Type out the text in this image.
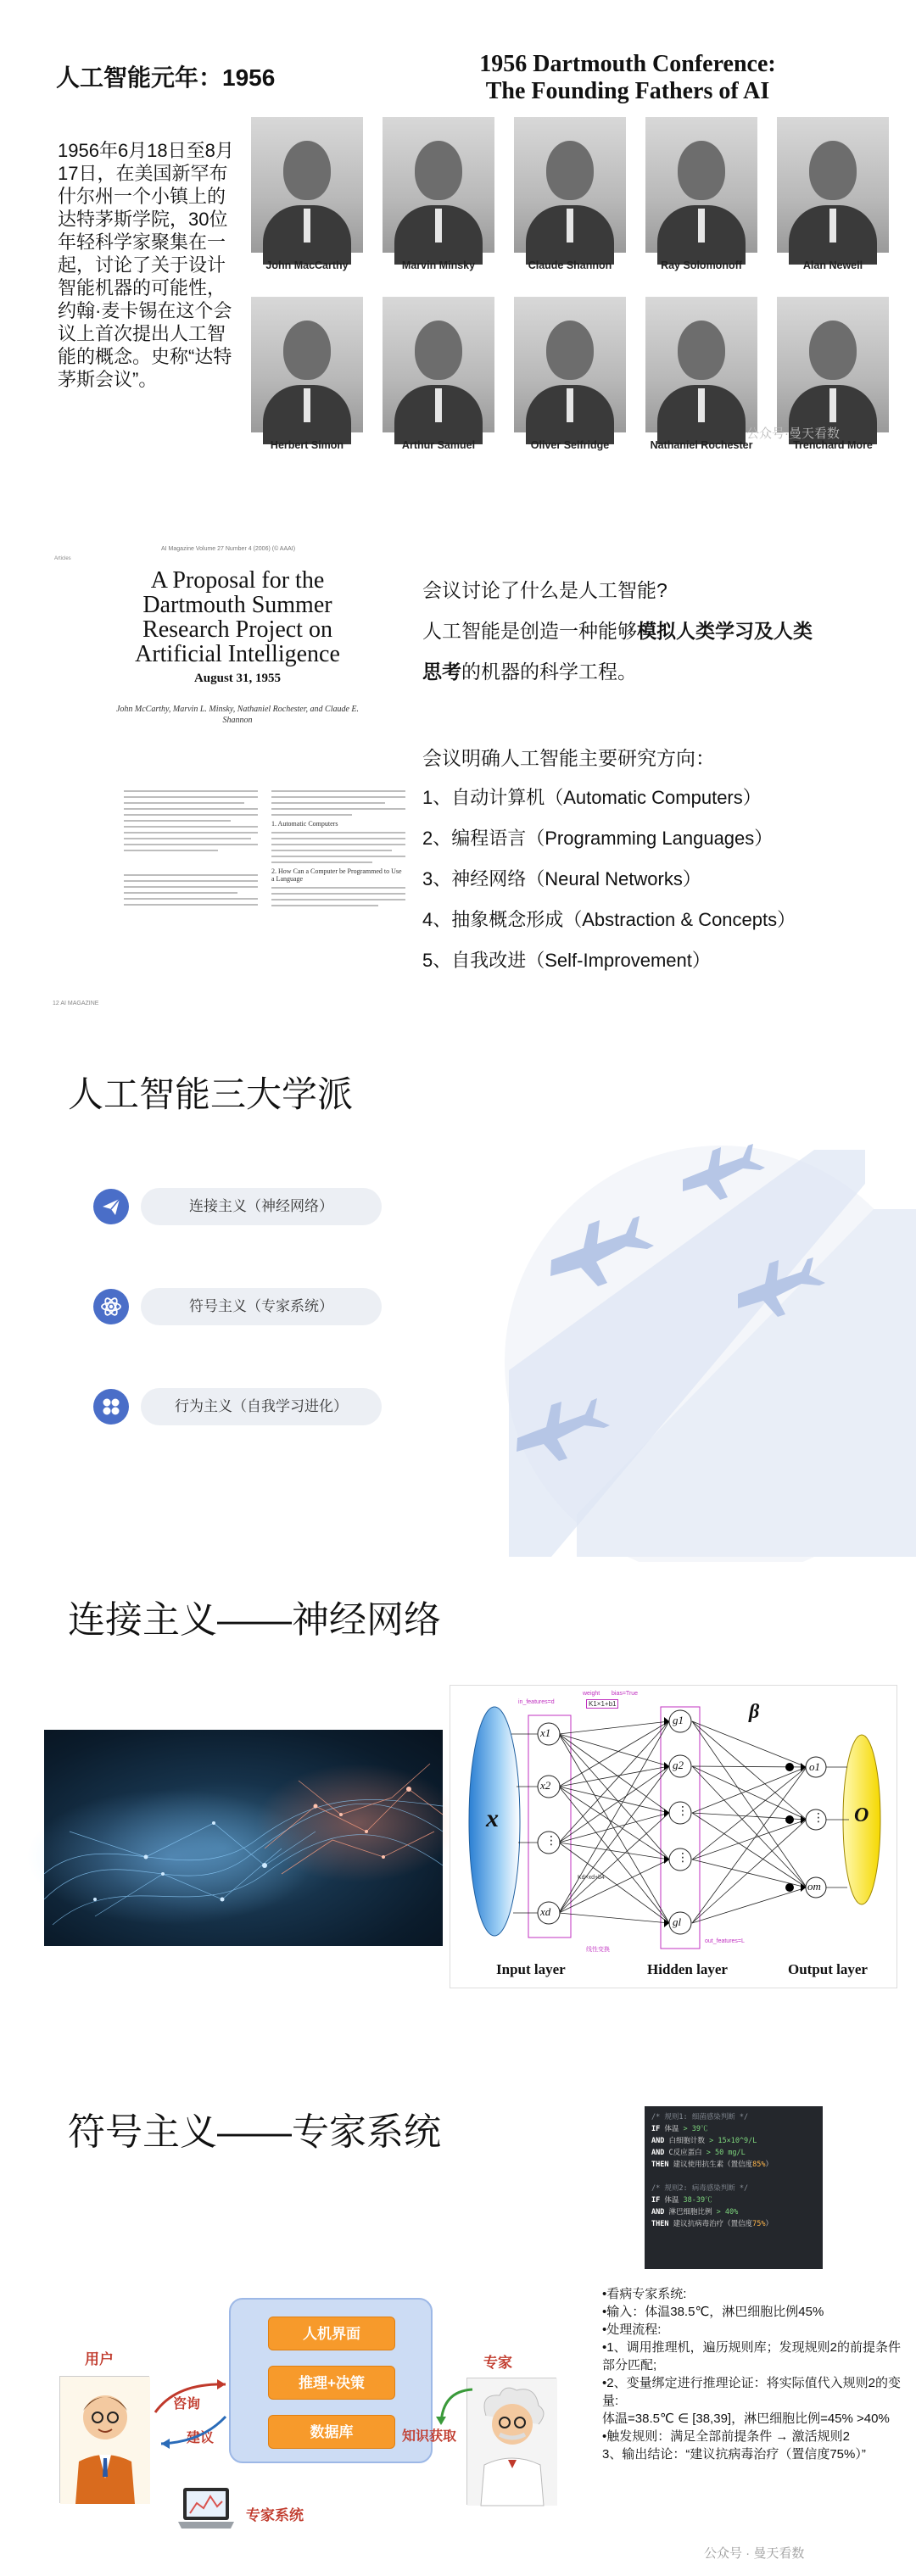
人工智能元年：1956
1956年6月18日至8月17日，在美国新罕布什尔州一个小镇上的达特茅斯学院，30位年轻科学家聚集在一起，讨论了关于设计智能机器的可能性，约翰·麦卡锡在这个会议上首次提出人工智能的概念。史称“达特茅斯会议”。
1956 Dartmouth Conference:
The Founding Fathers of AI
John MacCarthy	Marvin Minsky	Claude Shannon	Ray Solomonoff	Alan Newell
Herbert Simon	Arthur Samuel	Oliver Selfridge	Nathaniel Rochester	Trenchard More
公众号·曼天看数
Articles
AI Magazine Volume 27 Number 4 (2006) (© AAAI)
A Proposal for the Dartmouth Summer Research Project on Artificial Intelligence
August 31, 1955
John McCarthy, Marvin L. Minsky, Nathaniel Rochester, and Claude E. Shannon
1. Automatic Computers
2. How Can a Computer be Programmed to Use a Language
12 AI MAGAZINE
会议讨论了什么是人工智能?
人工智能是创造一种能够模拟人类学习及人类
思考的机器的科学工程。
会议明确人工智能主要研究方向：
1、自动计算机（Automatic Computers）
2、编程语言（Programming Languages）
3、神经网络（Neural Networks）
4、抽象概念形成（Abstraction & Concepts）
5、自我改进（Self-Improvement）
人工智能三大学派
连接主义（神经网络）
符号主义（专家系统）
行为主义（自我学习进化）
连接主义——神经网络
x
x1
x2
⋮
xd
g1
g2
⋮
⋮
gl
o1
⋮
om
β
O
in_features=d
weight bias=True
K1×1+b1
Kd×xd+b4
线性变换
out_features=L
Input layer	Hidden layer	Output layer
符号主义——专家系统	/* 规则1: 细菌感染判断 */
IF 体温 > 39℃
AND 白细胞计数 > 15×10^9/L
AND C反应蛋白 > 50 mg/L
THEN 建议使用抗生素（置信度85%）
/* 规则2: 病毒感染判断 */
IF 体温 38-39℃
AND 淋巴细胞比例 > 40%
THEN 建议抗病毒治疗（置信度75%）
用户
咨询
建议
人机界面
推理+决策
数据库
专家
知识获取
专家系统
•看病专家系统:
•输入：体温38.5℃，淋巴细胞比例45%
•处理流程:
•1、调用推理机，遍历规则库；发现规则2的前提条件部分匹配;
•2、变量绑定进行推理论证：将实际值代入规则2的变量:
体温=38.5℃ ∈ [38,39]，淋巴细胞比例=45% >40%
•触发规则：满足全部前提条件 → 激活规则2
3、输出结论：“建议抗病毒治疗（置信度75%）”
公众号 · 曼天看数
